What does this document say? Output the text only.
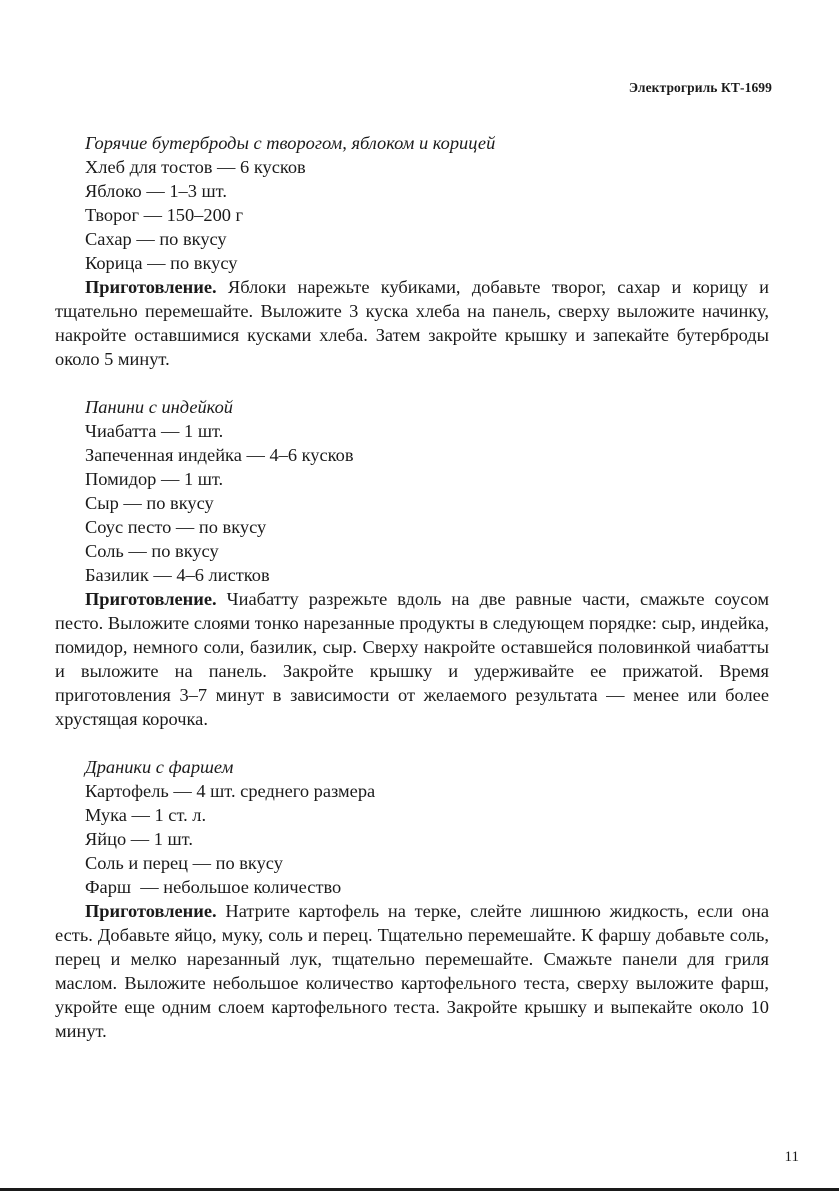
Электрогриль КТ-1699
Горячие бутерброды с творогом, яблоком и корицей
Хлеб для тостов — 6 кусков
Яблоко — 1–3 шт.
Творог — 150–200 г
Сахар — по вкусу
Корица — по вкусу

Приготовление. Яблоки нарежьте кубиками, добавьте творог, сахар и корицу и тщательно перемешайте. Выложите 3 куска хлеба на панель, сверху выложите начинку, накройте оставшимися кусками хлеба. Затем закройте крышку и запекайте бутерброды около 5 минут.

Панини с индейкой
Чиабатта — 1 шт.
Запеченная индейка — 4–6 кусков
Помидор — 1 шт.
Сыр — по вкусу
Соус песто — по вкусу
Соль — по вкусу
Базилик — 4–6 листков

Приготовление. Чиабатту разрежьте вдоль на две равные части, смажьте соусом песто. Выложите слоями тонко нарезанные продукты в следующем порядке: сыр, индейка, помидор, немного соли, базилик, сыр. Сверху накройте оставшейся половинкой чиабатты и выложите на панель. Закройте крышку и удерживайте ее прижатой. Время приготовления 3–7 минут в зависимости от желаемого результата — менее или более хрустящая корочка.

Драники с фаршем
Картофель — 4 шт. среднего размера
Мука — 1 ст. л.
Яйцо — 1 шт.
Соль и перец — по вкусу
Фарш  — небольшое количество

Приготовление. Натрите картофель на терке, слейте лишнюю жидкость, если она есть. Добавьте яйцо, муку, соль и перец. Тщательно перемешайте. К фаршу добавьте соль, перец и мелко нарезанный лук, тщательно перемешайте. Смажьте панели для гриля маслом. Выложите небольшое количество картофельного теста, сверху выложите фарш, укройте еще одним слоем картофельного теста. Закройте крышку и выпекайте около 10 минут.

11
